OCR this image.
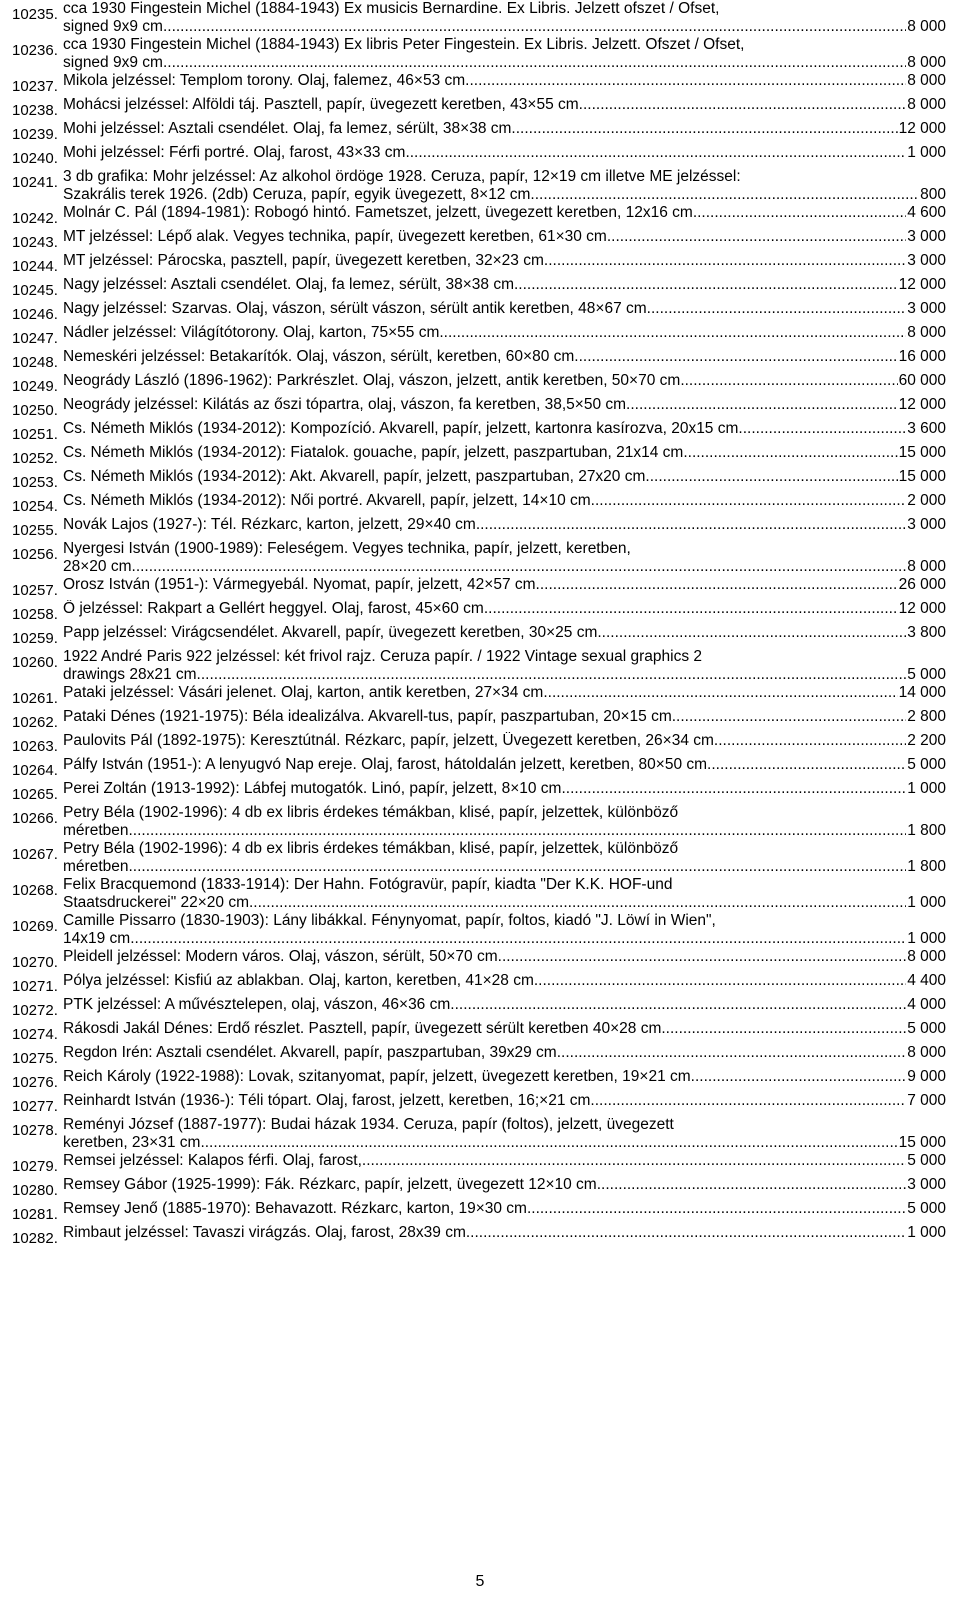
10235. cca 1930 Fingestein Michel (1884-1943) Ex musicis Bernardine. Ex Libris. Jelzett ofszet / Ofset,
signed 9x9 cm .....	8 000
10236. cca 1930 Fingestein Michel (1884-1943) Ex libris Peter Fingestein. Ex Libris. Jelzett. Ofszet / Ofset,
signed 9x9 cm .....	8 000
10237. Mikola jelzéssel: Templom torony. Olaj, falemez, 46×53 cm .....	8 000
10238. Mohácsi jelzéssel: Alföldi táj. Pasztell, papír, üvegezett keretben, 43×55 cm .....	8 000
10239. Mohi jelzéssel: Asztali csendélet. Olaj, fa lemez, sérült, 38×38 cm .....	12 000
10240. Mohi jelzéssel: Férfi portré. Olaj, farost, 43×33 cm .....	1 000
10241. 3 db grafika: Mohr jelzéssel: Az alkohol ördöge 1928. Ceruza, papír, 12×19 cm illetve ME jelzéssel:
Szakrális terek 1926. (2db) Ceruza, papír, egyik üvegezett, 8×12 cm .....	800
10242. Molnár C. Pál (1894-1981): Robogó hintó. Fametszet, jelzett, üvegezett keretben, 12x16 cm .....	4 600
10243. MT jelzéssel: Lépő alak. Vegyes technika, papír, üvegezett keretben, 61×30 cm .....	3 000
10244. MT jelzéssel: Párocska, pasztell, papír, üvegezett keretben, 32×23 cm .....	3 000
10245. Nagy jelzéssel: Asztali csendélet. Olaj, fa lemez, sérült, 38×38 cm .....	12 000
10246. Nagy jelzéssel: Szarvas. Olaj, vászon, sérült vászon, sérült antik keretben, 48×67 cm .....	3 000
10247. Nádler jelzéssel: Világítótorony. Olaj, karton, 75×55 cm .....	8 000
10248. Nemeskéri jelzéssel: Betakarítók. Olaj, vászon, sérült, keretben, 60×80 cm .....	16 000
10249. Neogrády László (1896-1962): Parkrészlet. Olaj, vászon, jelzett, antik keretben, 50×70 cm .....	60 000
10250. Neogrády jelzéssel: Kilátás az őszi tópartra, olaj, vászon, fa keretben, 38,5×50 cm .....	12 000
10251. Cs. Németh Miklós (1934-2012): Kompozíció. Akvarell, papír, jelzett, kartonra kasírozva, 20x15 cm .....	3 600
10252. Cs. Németh Miklós (1934-2012): Fiatalok. gouache, papír, jelzett, paszpartuban, 21x14 cm .....	15 000
10253. Cs. Németh Miklós (1934-2012): Akt. Akvarell, papír, jelzett, paszpartuban, 27x20 cm .....	15 000
10254. Cs. Németh Miklós (1934-2012): Női portré. Akvarell, papír, jelzett, 14×10 cm .....	2 000
10255. Novák Lajos (1927-): Tél. Rézkarc, karton, jelzett, 29×40 cm .....	3 000
10256. Nyergesi István (1900-1989): Feleségem. Vegyes technika, papír, jelzett, keretben,
28×20 cm .....	8 000
10257. Orosz István (1951-): Vármegyebál. Nyomat, papír, jelzett, 42×57 cm .....	26 000
10258. Ő jelzéssel: Rakpart a Gellért heggyel. Olaj, farost, 45×60 cm .....	12 000
10259. Papp jelzéssel: Virágcsendélet. Akvarell, papír, üvegezett keretben, 30×25 cm .....	3 800
10260. 1922 André Paris 922 jelzéssel: két frivol rajz. Ceruza papír. / 1922 Vintage sexual graphics 2
drawings 28x21 cm .....	5 000
10261. Pataki jelzéssel: Vásári jelenet. Olaj, karton, antik keretben, 27×34 cm .....	14 000
10262. Pataki Dénes (1921-1975): Béla idealizálva. Akvarell-tus, papír, paszpartuban, 20×15 cm .....	2 800
10263. Paulovits Pál (1892-1975): Keresztútnál. Rézkarc, papír, jelzett, Üvegezett keretben, 26×34 cm .....	2 200
10264. Pálfy István (1951-): A lenyugvó Nap ereje. Olaj, farost, hátoldalán jelzett, keretben, 80×50 cm .....	5 000
10265. Perei Zoltán (1913-1992): Lábfej mutogatók. Linó, papír, jelzett, 8×10 cm .....	1 000
10266. Petry Béla (1902-1996): 4 db ex libris érdekes témákban, klisé, papír, jelzettek, különböző
méretben .....	1 800
10267. Petry Béla (1902-1996): 4 db ex libris érdekes témákban, klisé, papír, jelzettek, különböző
méretben .....	1 800
10268. Felix Bracquemond (1833-1914): Der Hahn. Fotógravür, papír, kiadta "Der K.K. HOF-und
Staatsdruckerei" 22×20 cm .....	1 000
10269. Camille Pissarro (1830-1903): Lány libákkal. Fénynyomat, papír, foltos, kiadó "J. Löwí in Wien",
14x19 cm .....	1 000
10270. Pleidell jelzéssel: Modern város. Olaj, vászon, sérült, 50×70 cm .....	8 000
10271. Pólya jelzéssel: Kisfiú az ablakban. Olaj, karton, keretben, 41×28 cm .....	4 400
10272. PTK jelzéssel: A művésztelepen, olaj, vászon, 46×36 cm .....	4 000
10274. Rákosdi Jakál Dénes: Erdő részlet. Pasztell, papír, üvegezett sérült keretben 40×28 cm .....	5 000
10275. Regdon Irén: Asztali csendélet. Akvarell, papír, paszpartuban, 39x29 cm .....	8 000
10276. Reich Károly (1922-1988): Lovak, szitanyomat, papír, jelzett, üvegezett keretben, 19×21 cm .....	9 000
10277. Reinhardt István (1936-): Téli tópart. Olaj, farost, jelzett, keretben, 16;×21 cm .....	7 000
10278. Reményi József (1887-1977): Budai házak 1934. Ceruza, papír (foltos), jelzett, üvegezett
keretben, 23×31 cm .....	15 000
10279. Remsei jelzéssel: Kalapos férfi. Olaj, farost, .....	5 000
10280. Remsey Gábor (1925-1999): Fák. Rézkarc, papír, jelzett, üvegezett 12×10 cm .....	3 000
10281. Remsey Jenő (1885-1970): Behavazott. Rézkarc, karton, 19×30 cm .....	5 000
10282. Rimbaut jelzéssel: Tavaszi virágzás. Olaj, farost, 28x39 cm .....	1 000
5
